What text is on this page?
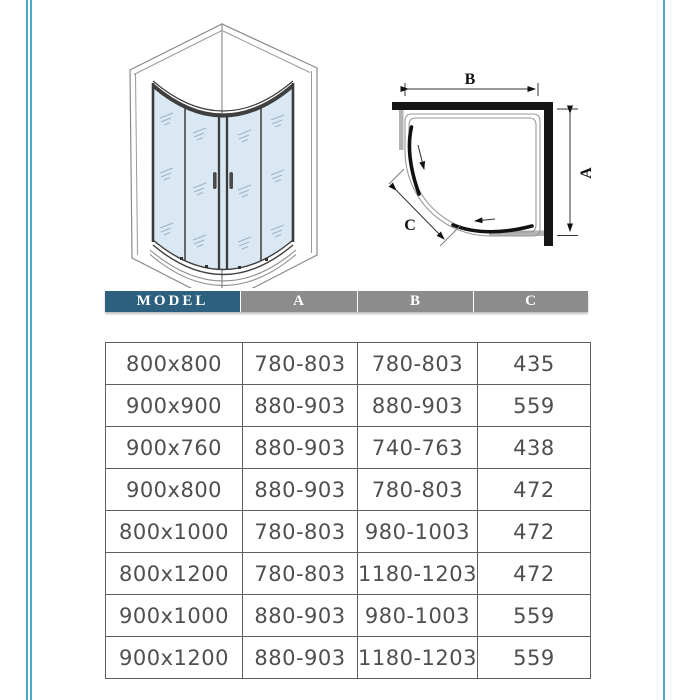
B
A
C
MODEL	A	B	C
800x800	780-803	780-803	435
900x900	880-903	880-903	559
900x760	880-903	740-763	438
900x800	880-903	780-803	472
800x1000	780-803	980-1003	472
800x1200	780-803	1180-1203	472
900x1000	880-903	980-1003	559
900x1200	880-903	1180-1203	559
